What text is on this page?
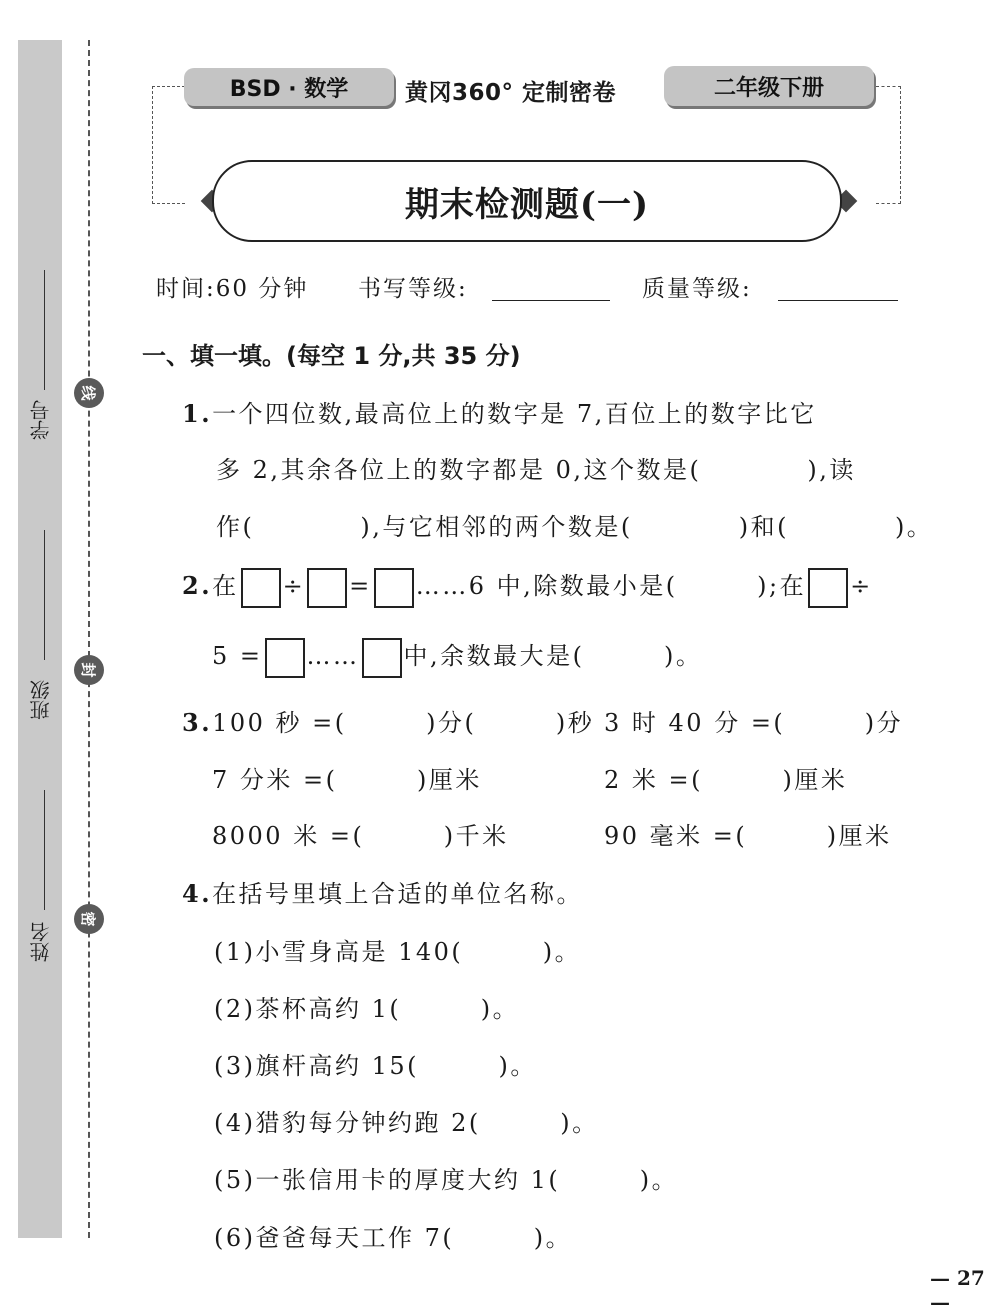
线
封
密
学号
班级
姓名
BSD · 数学	黄冈360° 定制密卷	二年级下册
期末检测题(一)
时间:60 分钟 书写等级:	质量等级:
一、填一填。(每空 1 分,共 35 分)
1.一个四位数,最高位上的数字是 7,百位上的数字比它
多 2,其余各位上的数字都是 0,这个数是(　　　　),读
作(　　　　),与它相邻的两个数是(　　　　)和(　　　　)。
2.在 ÷ = ……6 中,除数最小是(　　　);在 ÷
5 = …… 中,余数最大是(　　　)。
3.100 秒 =(　　　)分(　　　)秒 3 时 40 分 =(　　　)分
7 分米 =(　　　)厘米	2 米 =(　　　)厘米
8000 米 =(　　　)千米	90 毫米 =(　　　)厘米
4.在括号里填上合适的单位名称。
(1)小雪身高是 140(　　　)。
(2)茶杯高约 1(　　　)。
(3)旗杆高约 15(　　　)。
(4)猎豹每分钟约跑 2(　　　)。
(5)一张信用卡的厚度大约 1(　　　)。
(6)爸爸每天工作 7(　　　)。
— 27 —
